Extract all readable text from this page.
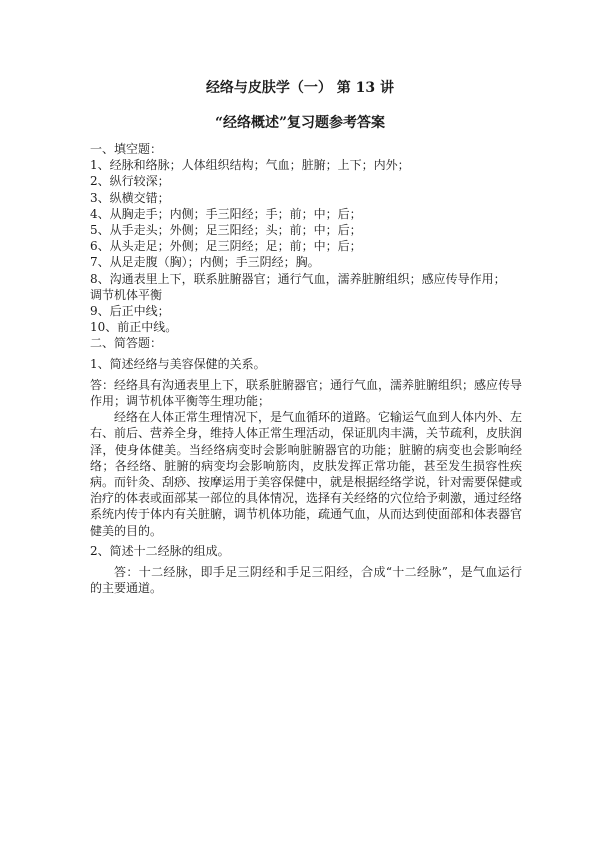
经络与皮肤学（一） 第 13 讲
“经络概述”复习题参考答案
一、填空题：
1、经脉和络脉；人体组织结构；气血；脏腑；上下；内外；
2、纵行较深；
3、纵横交错；
4、从胸走手；内侧；手三阳经；手；前；中；后；
5、从手走头；外侧；足三阳经；头；前；中；后；
6、从头走足；外侧；足三阴经；足；前；中；后；
7、从足走腹（胸）；内侧；手三阴经；胸。
8、沟通表里上下，联系脏腑器官；通行气血，濡养脏腑组织；感应传导作用；
调节机体平衡
9、后正中线；
10、前正中线。
二、简答题：
1、简述经络与美容保健的关系。

答：经络具有沟通表里上下，联系脏腑器官；通行气血，濡养脏腑组织；感应传导作用；调节机体平衡等生理功能；

经络在人体正常生理情况下，是气血循环的道路。它输运气血到人体内外、左右、前后、营养全身，维持人体正常生理活动，保证肌肉丰满，关节疏利，皮肤润泽，使身体健美。当经络病变时会影响脏腑器官的功能；脏腑的病变也会影响经络；各经络、脏腑的病变均会影响筋肉，皮肤发挥正常功能，甚至发生损容性疾病。而针灸、刮痧、按摩运用于美容保健中，就是根据经络学说，针对需要保健或治疗的体表或面部某一部位的具体情况，选择有关经络的穴位给予刺激，通过经络系统内传于体内有关脏腑，调节机体功能，疏通气血，从而达到使面部和体表器官健美的目的。

2、简述十二经脉的组成。

答：十二经脉，即手足三阴经和手足三阳经，合成“十二经脉”，是气血运行的主要通道。
